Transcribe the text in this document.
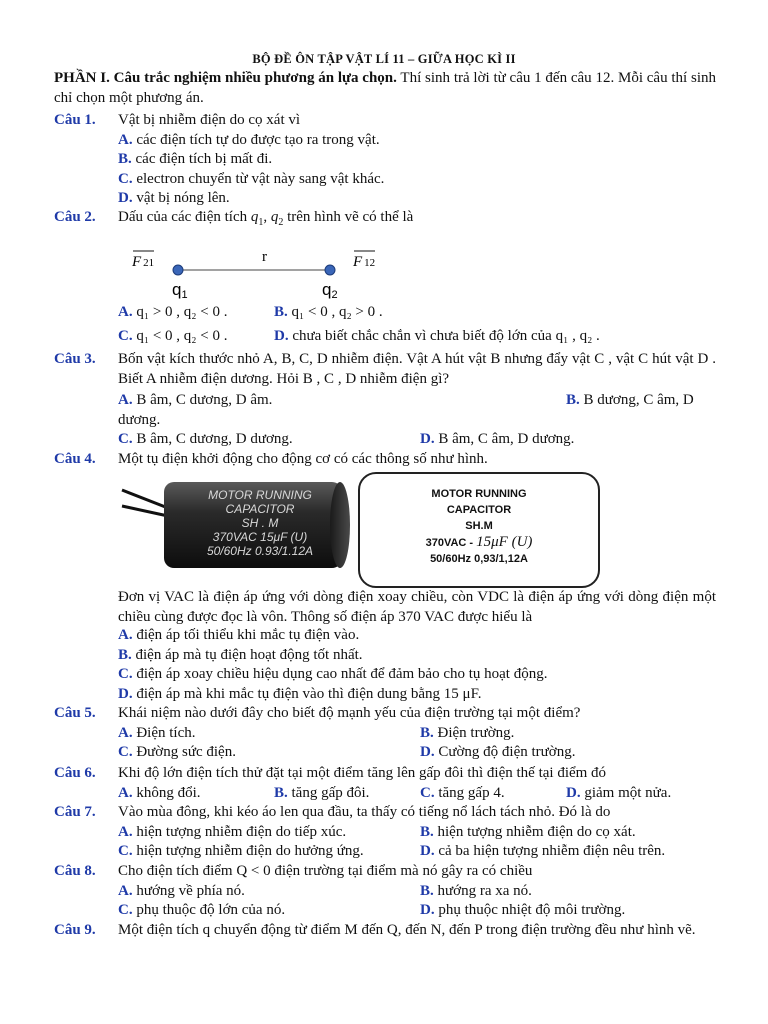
BỘ ĐỀ ÔN TẬP VẬT LÍ 11 – GIỮA HỌC KÌ II
PHẦN I. Câu trắc nghiệm nhiều phương án lựa chọn. Thí sinh trả lời từ câu 1 đến câu 12. Mỗi câu thí sinh chỉ chọn một phương án.
Câu 1. Vật bị nhiễm điện do cọ xát vì
A. các điện tích tự do được tạo ra trong vật.
B. các điện tích bị mất đi.
C. electron chuyển từ vật này sang vật khác.
D. vật bị nóng lên.
Câu 2. Dấu của các điện tích $q_1$, $q_2$ trên hình vẽ có thể là
F 21	r	F 12
q1	q2
A. q₁ > 0 , q₂ < 0 .	B. q₁ < 0 , q₂ > 0 .
C. q₁ < 0 , q₂ < 0 .	D. chưa biết chắc chắn vì chưa biết độ lớn của q₁ , q₂ .
Câu 3. Bốn vật kích thước nhỏ A, B, C, D nhiễm điện. Vật A hút vật B nhưng đẩy vật C , vật C hút vật D . Biết A nhiễm điện dương. Hỏi B , C , D nhiễm điện gì?
A. B âm, C dương, D âm.	B. B dương, C âm, D
dương.
C. B âm, C dương, D dương.	D. B âm, C âm, D dương.
Câu 4. Một tụ điện khởi động cho động cơ có các thông số như hình.
MOTOR RUNNING
CAPACITOR
SH . M
370VAC 15μF (U)
50/60Hz 0.93/1.12A
MOTOR RUNNING
CAPACITOR
SH.M
370VAC - 15μF (U)
50/60Hz 0,93/1,12A
Đơn vị VAC là điện áp ứng với dòng điện xoay chiều, còn VDC là điện áp ứng với dòng điện một chiều cùng được đọc là vôn. Thông số điện áp 370 VAC được hiểu là
A. điện áp tối thiểu khi mắc tụ điện vào.
B. điện áp mà tụ điện hoạt động tốt nhất.
C. điện áp xoay chiều hiệu dụng cao nhất để đảm bảo cho tụ hoạt động.
D. điện áp mà khi mắc tụ điện vào thì điện dung bằng 15 μF.
Câu 5. Khái niệm nào dưới đây cho biết độ mạnh yếu của điện trường tại một điểm?
A. Điện tích.	B. Điện trường.
C. Đường sức điện.	D. Cường độ điện trường.
Câu 6. Khi độ lớn điện tích thử đặt tại một điểm tăng lên gấp đôi thì điện thế tại điểm đó
A. không đổi.	B. tăng gấp đôi.	C. tăng gấp 4.	D. giảm một nửa.
Câu 7. Vào mùa đông, khi kéo áo len qua đầu, ta thấy có tiếng nổ lách tách nhỏ. Đó là do
A. hiện tượng nhiễm điện do tiếp xúc.	B. hiện tượng nhiễm điện do cọ xát.
C. hiện tượng nhiễm điện do hưởng ứng.	D. cả ba hiện tượng nhiễm điện nêu trên.
Câu 8. Cho điện tích điểm Q < 0 điện trường tại điểm mà nó gây ra có chiều
A. hướng về phía nó.	B. hướng ra xa nó.
C. phụ thuộc độ lớn của nó.	D. phụ thuộc nhiệt độ môi trường.
Câu 9. Một điện tích q chuyển động từ điểm M đến Q, đến N, đến P trong điện trường đều như hình vẽ.
